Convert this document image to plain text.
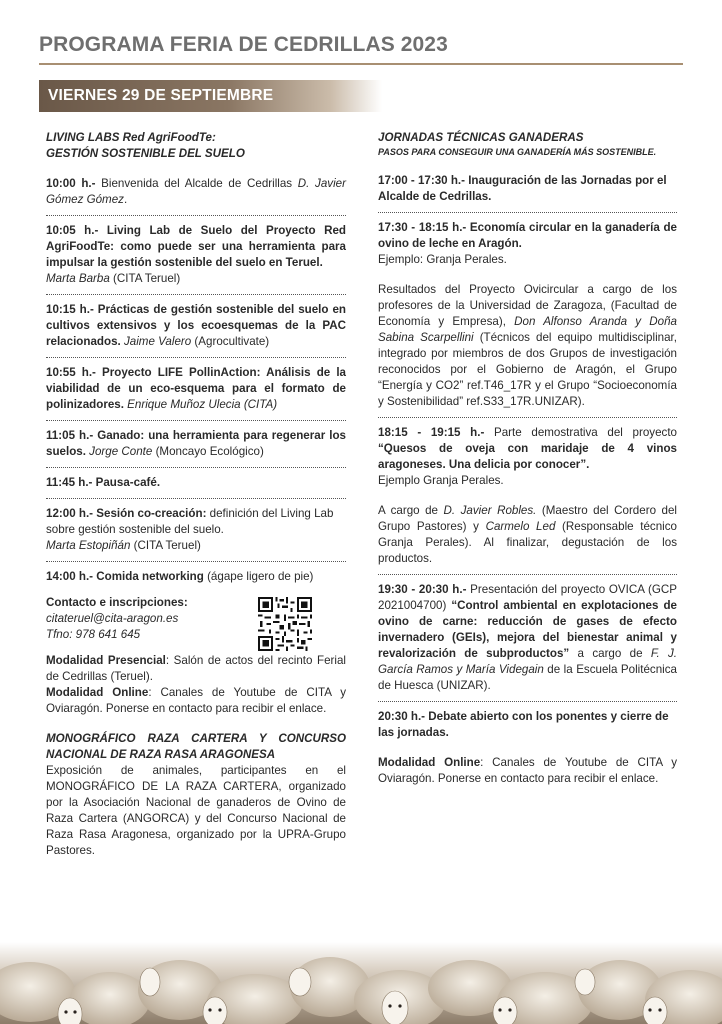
PROGRAMA FERIA DE CEDRILLAS 2023
VIERNES 29 DE SEPTIEMBRE

LIVING LABS Red AgriFoodTe:

GESTIÓN SOSTENIBLE DEL SUELO

10:00 h.- Bienvenida del Alcalde de Cedrillas D. Javier Gómez Gómez.

10:05 h.- Living Lab de Suelo del Proyecto Red AgriFoodTe: como puede ser una herramienta para impulsar la gestión sostenible del suelo en Teruel.
Marta Barba (CITA Teruel)

10:15 h.- Prácticas de gestión sostenible del suelo en cultivos extensivos y los ecoesquemas de la PAC relacionados. Jaime Valero (Agrocultivate)

10:55 h.- Proyecto LIFE PollinAction: Análisis de la viabilidad de un eco-esquema para el formato de polinizadores. Enrique Muñoz Ulecia (CITA)

11:05 h.- Ganado: una herramienta para regenerar los suelos. Jorge Conte (Moncayo Ecológico)

11:45 h.- Pausa-café.

12:00 h.- Sesión co-creación: definición del Living Lab sobre gestión sostenible del suelo.
Marta Estopiñán (CITA Teruel)

14:00 h.- Comida networking (ágape ligero de pie)

Contacto e inscripciones:

citateruel@cita-aragon.es

Tfno: 978 641 645

Modalidad Presencial: Salón de actos del recinto Ferial de Cedrillas (Teruel).

Modalidad Online: Canales de Youtube de CITA y Oviaragón. Ponerse en contacto para recibir el enlace.

MONOGRÁFICO RAZA CARTERA Y CONCURSO NACIONAL DE RAZA RASA ARAGONESA

Exposición de animales, participantes en el MONOGRÁFICO DE LA RAZA CARTERA, organizado por la Asociación Nacional de ganaderos de Ovino de Raza Cartera (ANGORCA) y del Concurso Nacional de Raza Rasa Aragonesa, organizado por la UPRA-Grupo Pastores.

JORNADAS TÉCNICAS GANADERAS

PASOS PARA CONSEGUIR UNA GANADERÍA MÁS SOSTENIBLE.

17:00 - 17:30 h.- Inauguración de las Jornadas por el Alcalde de Cedrillas.

17:30 - 18:15 h.- Economía circular en la ganadería de ovino de leche en Aragón.

Ejemplo: Granja Perales.

Resultados del Proyecto Ovicircular a cargo de los profesores de la Universidad de Zaragoza, (Facultad de Economía y Empresa), Don Alfonso Aranda y Doña Sabina Scarpellini (Técnicos del equipo multidisciplinar, integrado por miembros de dos Grupos de investigación reconocidos por el Gobierno de Aragón, el Grupo “Energía y CO2” ref.T46_17R y el Grupo “Socioeconomía y Sostenibilidad” ref.S33_17R.UNIZAR).

18:15 - 19:15 h.- Parte demostrativa del proyecto “Quesos de oveja con maridaje de 4 vinos aragoneses. Una delicia por conocer”.

Ejemplo Granja Perales.

A cargo de D. Javier Robles. (Maestro del Cordero del Grupo Pastores) y Carmelo Led (Responsable técnico Granja Perales). Al finalizar, degustación de los productos.

19:30 - 20:30 h.- Presentación del proyecto OVICA (GCP 2021004700) “Control ambiental en explotaciones de ovino de carne: reducción de gases de efecto invernadero (GEIs), mejora del bienestar animal y revalorización de subproductos” a cargo de F. J. García Ramos y María Videgain de la Escuela Politécnica de Huesca (UNIZAR).

20:30 h.- Debate abierto con los ponentes y cierre de las jornadas.

Modalidad Online: Canales de Youtube de CITA y Oviaragón. Ponerse en contacto para recibir el enlace.
